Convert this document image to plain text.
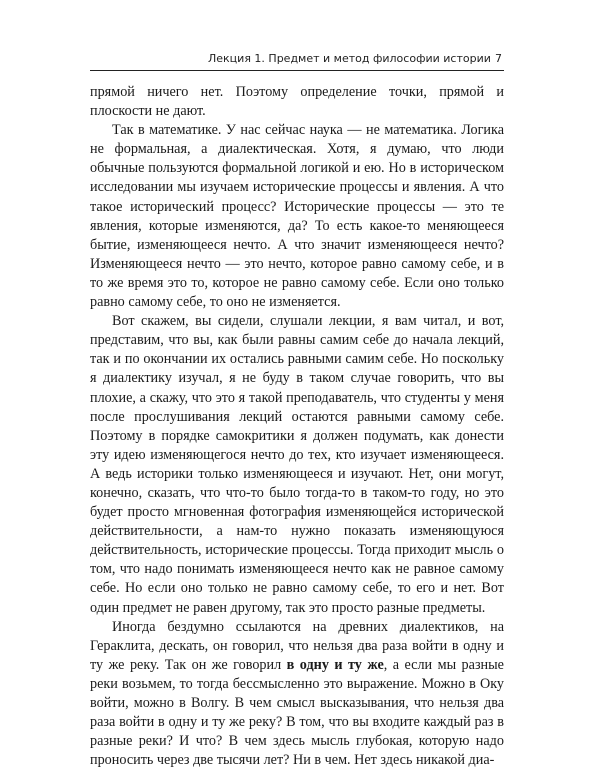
Лекция 1. Предмет и метод философии истории 7

прямой ничего нет. Поэтому определение точки, прямой и плоскости не дают.

Так в математике. У нас сейчас наука — не математика. Логика не формальная, а диалектическая. Хотя, я думаю, что люди обычные пользуются формальной логикой и ею. Но в историческом исследовании мы изучаем исторические процессы и явления. А что такое исторический процесс? Исторические процессы — это те явления, которые изменяются, да? То есть какое-то меняющееся бытие, изменяющееся нечто. А что значит изменяющееся нечто? Изменяющееся нечто — это нечто, которое равно самому себе, и в то же время это то, которое не равно самому себе. Если оно только равно самому себе, то оно не изменяется.

Вот скажем, вы сидели, слушали лекции, я вам читал, и вот, представим, что вы, как были равны самим себе до начала лекций, так и по окончании их остались равными самим себе. Но поскольку я диалектику изучал, я не буду в таком случае говорить, что вы плохие, а скажу, что это я такой преподаватель, что студенты у меня после прослушивания лекций остаются равными самому себе. Поэтому в порядке самокритики я должен подумать, как донести эту идею изменяющегося нечто до тех, кто изучает изменяющееся. А ведь историки только изменяющееся и изучают. Нет, они могут, конечно, сказать, что что-то было тогда-то в таком-то году, но это будет просто мгновенная фотография изменяющейся исторической действительности, а нам-то нужно показать изменяющуюся действительность, исторические процессы. Тогда приходит мысль о том, что надо понимать изменяющееся нечто как не равное самому себе. Но если оно только не равно самому себе, то его и нет. Вот один предмет не равен другому, так это просто разные предметы.

Иногда бездумно ссылаются на древних диалектиков, на Гераклита, дескать, он говорил, что нельзя два раза войти в одну и ту же реку. Так он же говорил в одну и ту же, а если мы разные реки возьмем, то тогда бессмысленно это выражение. Можно в Оку войти, можно в Волгу. В чем смысл высказывания, что нельзя два раза войти в одну и ту же реку? В том, что вы входите каждый раз в разные реки? И что? В чем здесь мысль глубокая, которую надо проносить через две тысячи лет? Ни в чем. Нет здесь никакой диа-
